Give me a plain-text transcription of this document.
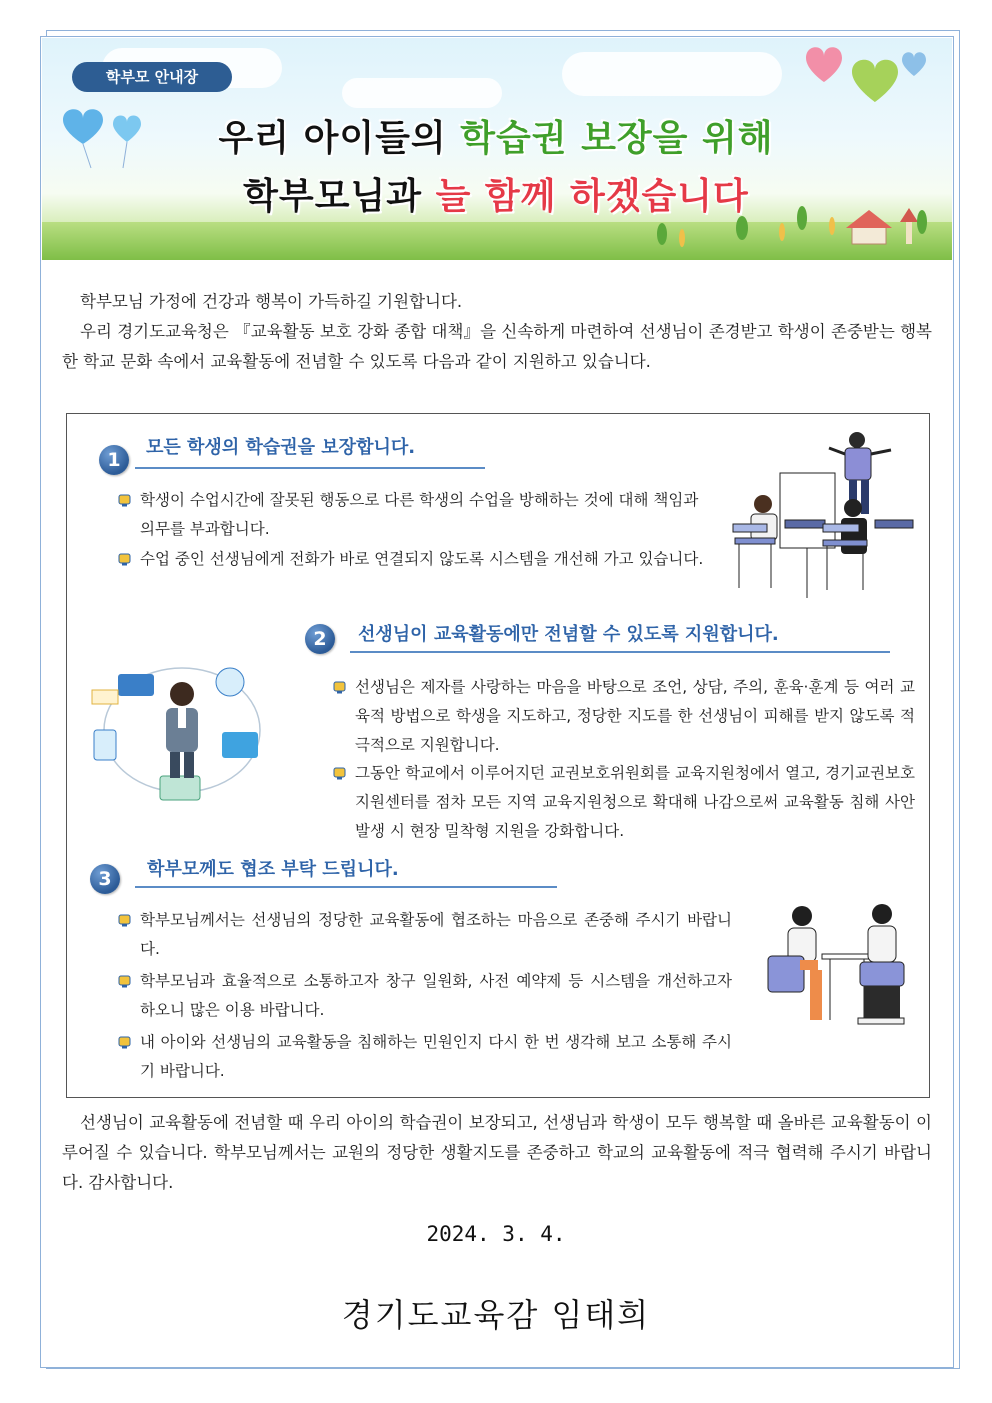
학부모 안내장
우리 아이들의 학습권 보장을 위해
학부모님과 늘 함께 하겠습니다
학부모님 가정에 건강과 행복이 가득하길 기원합니다.
우리 경기도교육청은 『교육활동 보호 강화 종합 대책』을 신속하게 마련하여 선생님이 존경받고 학생이 존중받는 행복한 학교 문화 속에서 교육활동에 전념할 수 있도록 다음과 같이 지원하고 있습니다.
1
모든 학생의 학습권을 보장합니다.
학생이 수업시간에 잘못된 행동으로 다른 학생의 수업을 방해하는 것에 대해 책임과 의무를 부과합니다.
수업 중인 선생님에게 전화가 바로 연결되지 않도록 시스템을 개선해 가고 있습니다.
2	선생님이 교육활동에만 전념할 수 있도록 지원합니다.
선생님은 제자를 사랑하는 마음을 바탕으로 조언, 상담, 주의, 훈육·훈계 등 여러 교육적 방법으로 학생을 지도하고, 정당한 지도를 한 선생님이 피해를 받지 않도록 적극적으로 지원합니다.
그동안 학교에서 이루어지던 교권보호위원회를 교육지원청에서 열고, 경기교권보호지원센터를 점차 모든 지역 교육지원청으로 확대해 나감으로써 교육활동 침해 사안 발생 시 현장 밀착형 지원을 강화합니다.
3	학부모께도 협조 부탁 드립니다.
학부모님께서는 선생님의 정당한 교육활동에 협조하는 마음으로 존중해 주시기 바랍니다.
학부모님과 효율적으로 소통하고자 창구 일원화, 사전 예약제 등 시스템을 개선하고자 하오니 많은 이용 바랍니다.
내 아이와 선생님의 교육활동을 침해하는 민원인지 다시 한 번 생각해 보고 소통해 주시기 바랍니다.
선생님이 교육활동에 전념할 때 우리 아이의 학습권이 보장되고, 선생님과 학생이 모두 행복할 때 올바른 교육활동이 이루어질 수 있습니다. 학부모님께서는 교원의 정당한 생활지도를 존중하고 학교의 교육활동에 적극 협력해 주시기 바랍니다. 감사합니다.
2024. 3. 4.
경기도교육감 임태희
